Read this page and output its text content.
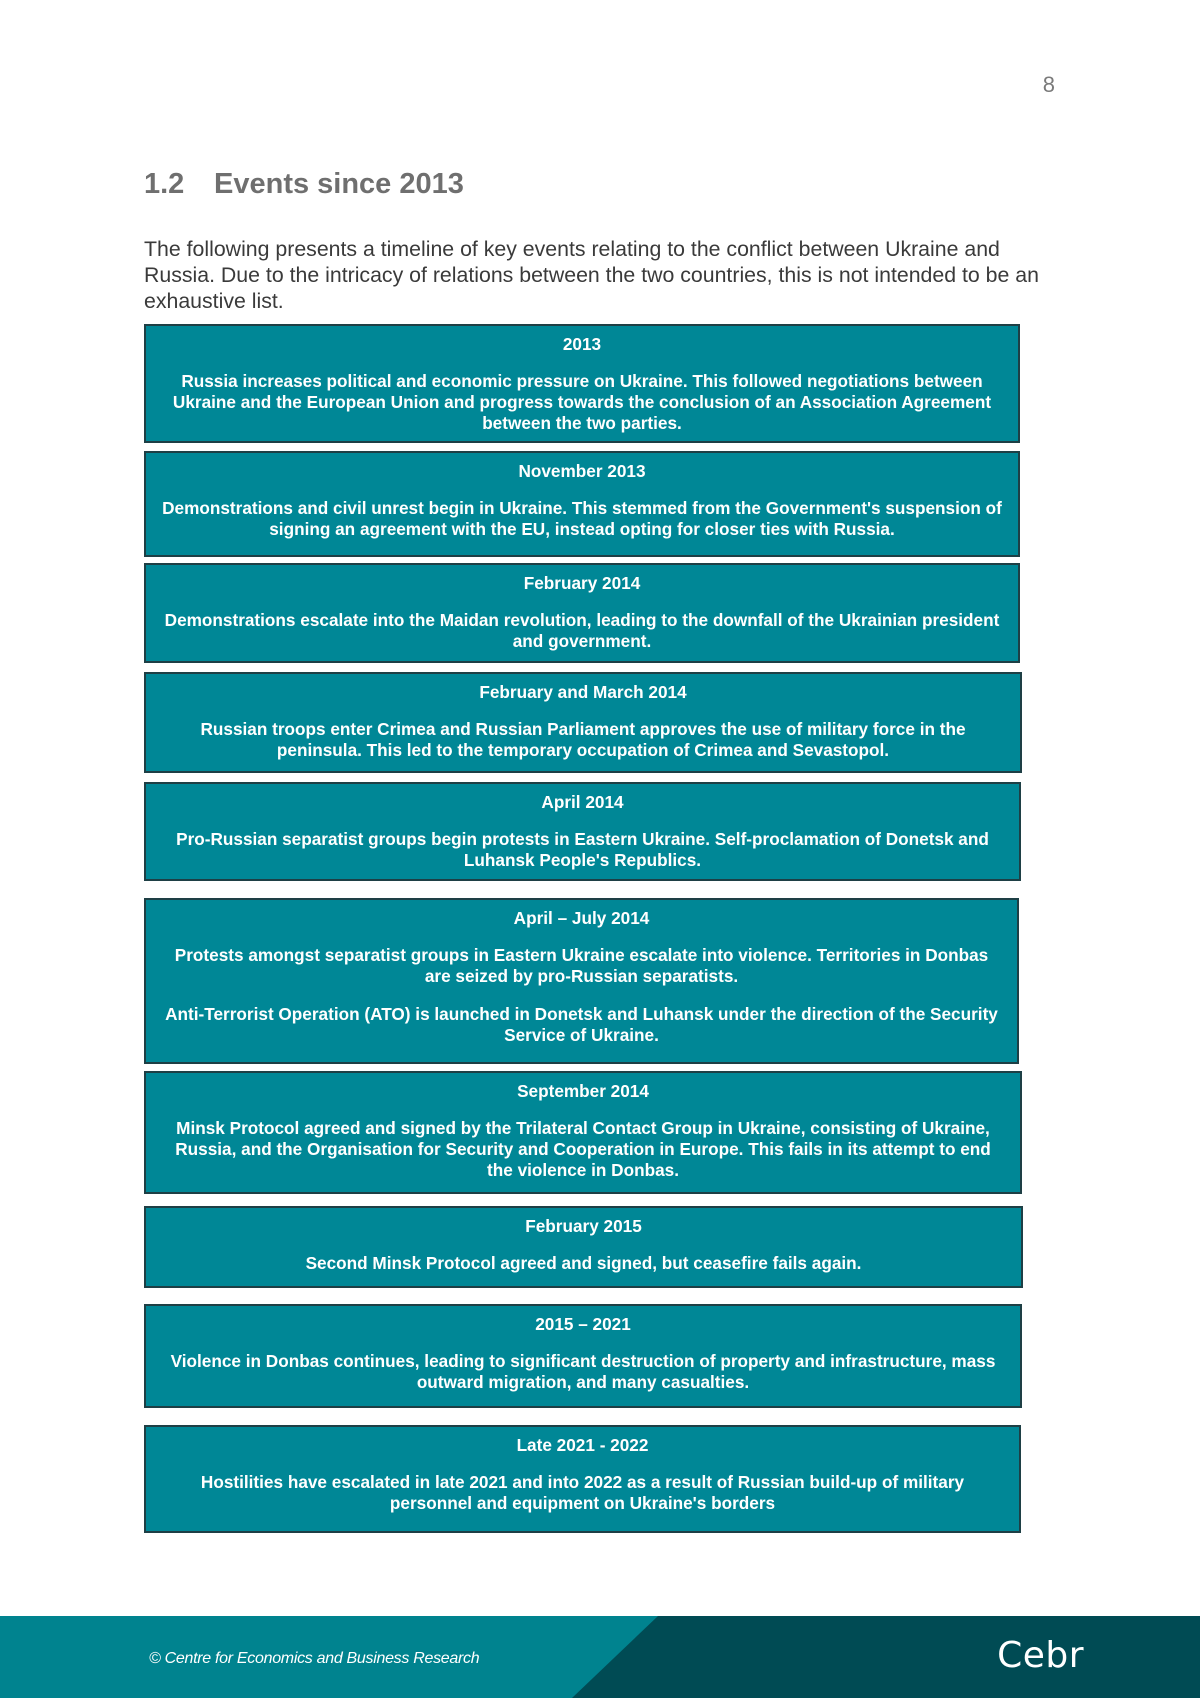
8
1.2	Events since 2013

The following presents a timeline of key events relating to the conflict between Ukraine and Russia. Due to the intricacy of relations between the two countries, this is not intended to be an exhaustive list.

2013
Russia increases political and economic pressure on Ukraine. This followed negotiations between Ukraine and the European Union and progress towards the conclusion of an Association Agreement between the two parties.
November 2013
Demonstrations and civil unrest begin in Ukraine. This stemmed from the Government's suspension of signing an agreement with the EU, instead opting for closer ties with Russia.
February 2014
Demonstrations escalate into the Maidan revolution, leading to the downfall of the Ukrainian president and government.
February and March 2014
Russian troops enter Crimea and Russian Parliament approves the use of military force in the peninsula. This led to the temporary occupation of Crimea and Sevastopol.
April 2014
Pro-Russian separatist groups begin protests in Eastern Ukraine. Self-proclamation of Donetsk and Luhansk People's Republics.
April – July 2014
Protests amongst separatist groups in Eastern Ukraine escalate into violence. Territories in Donbas are seized by pro-Russian separatists.
Anti-Terrorist Operation (ATO) is launched in Donetsk and Luhansk under the direction of the Security Service of Ukraine.
September 2014
Minsk Protocol agreed and signed by the Trilateral Contact Group in Ukraine, consisting of Ukraine, Russia, and the Organisation for Security and Cooperation in Europe. This fails in its attempt to end the violence in Donbas.
February 2015
Second Minsk Protocol agreed and signed, but ceasefire fails again.
2015 – 2021
Violence in Donbas continues, leading to significant destruction of property and infrastructure, mass outward migration, and many casualties.
Late 2021 - 2022
Hostilities have escalated in late 2021 and into 2022 as a result of Russian build-up of military personnel and equipment on Ukraine's borders
© Centre for Economics and Business Research	Cebr
